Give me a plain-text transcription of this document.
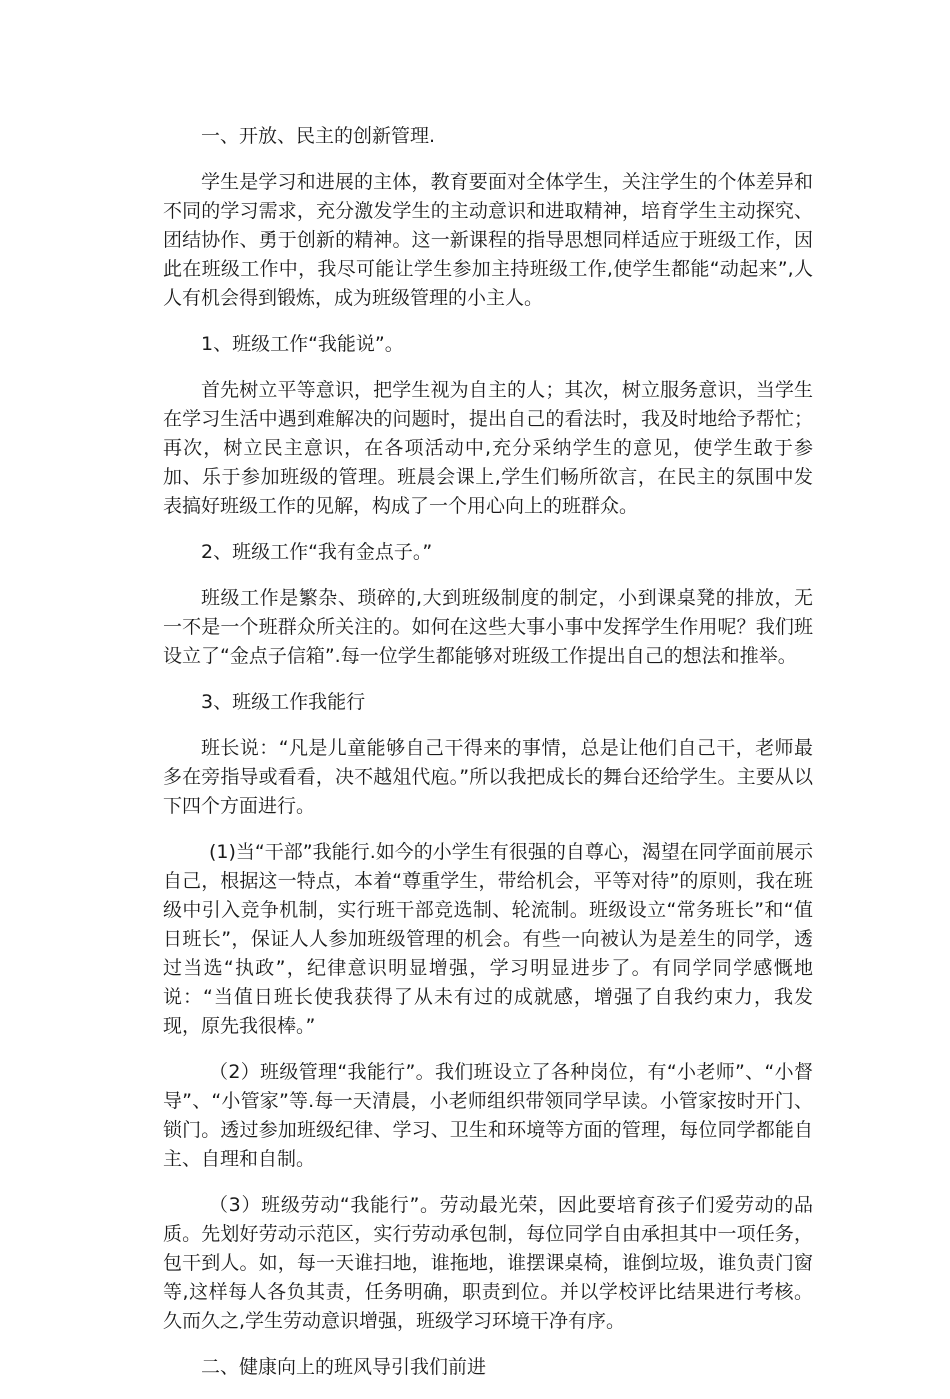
一、开放、民主的创新管理.

学生是学习和进展的主体，教育要面对全体学生，关注学生的个体差异和不同的学习需求，充分激发学生的主动意识和进取精神，培育学生主动探究、团结协作、勇于创新的精神。这一新课程的指导思想同样适应于班级工作，因此在班级工作中，我尽可能让学生参加主持班级工作,使学生都能“动起来”,人人有机会得到锻炼，成为班级管理的小主人。

1、班级工作“我能说”。

首先树立平等意识，把学生视为自主的人；其次，树立服务意识，当学生在学习生活中遇到难解决的问题时，提出自己的看法时，我及时地给予帮忙；再次，树立民主意识，在各项活动中,充分采纳学生的意见，使学生敢于参加、乐于参加班级的管理。班晨会课上,学生们畅所欲言，在民主的氛围中发表搞好班级工作的见解，构成了一个用心向上的班群众。

2、班级工作“我有金点子。”

班级工作是繁杂、琐碎的,大到班级制度的制定，小到课桌凳的排放，无一不是一个班群众所关注的。如何在这些大事小事中发挥学生作用呢？我们班设立了“金点子信箱”.每一位学生都能够对班级工作提出自己的想法和推举。

3、班级工作我能行

班长说：“凡是儿童能够自己干得来的事情，总是让他们自己干，老师最多在旁指导或看看，决不越俎代庖。”所以我把成长的舞台还给学生。主要从以下四个方面进行。

(1)当“干部”我能行.如今的小学生有很强的自尊心，渴望在同学面前展示自己，根据这一特点，本着“尊重学生，带给机会，平等对待”的原则，我在班级中引入竞争机制，实行班干部竞选制、轮流制。班级设立“常务班长”和“值日班长”，保证人人参加班级管理的机会。有些一向被认为是差生的同学，透过当选“执政”，纪律意识明显增强，学习明显进步了。有同学同学感慨地说：“当值日班长使我获得了从未有过的成就感，增强了自我约束力，我发现，原先我很棒。”

（2）班级管理“我能行”。我们班设立了各种岗位，有“小老师”、“小督导”、“小管家”等.每一天清晨，小老师组织带领同学早读。小管家按时开门、锁门。透过参加班级纪律、学习、卫生和环境等方面的管理，每位同学都能自主、自理和自制。

（3）班级劳动“我能行”。劳动最光荣，因此要培育孩子们爱劳动的品质。先划好劳动示范区，实行劳动承包制，每位同学自由承担其中一项任务，包干到人。如，每一天谁扫地，谁拖地，谁摆课桌椅，谁倒垃圾，谁负责门窗等,这样每人各负其责，任务明确，职责到位。并以学校评比结果进行考核。久而久之,学生劳动意识增强，班级学习环境干净有序。

二、健康向上的班风导引我们前进
